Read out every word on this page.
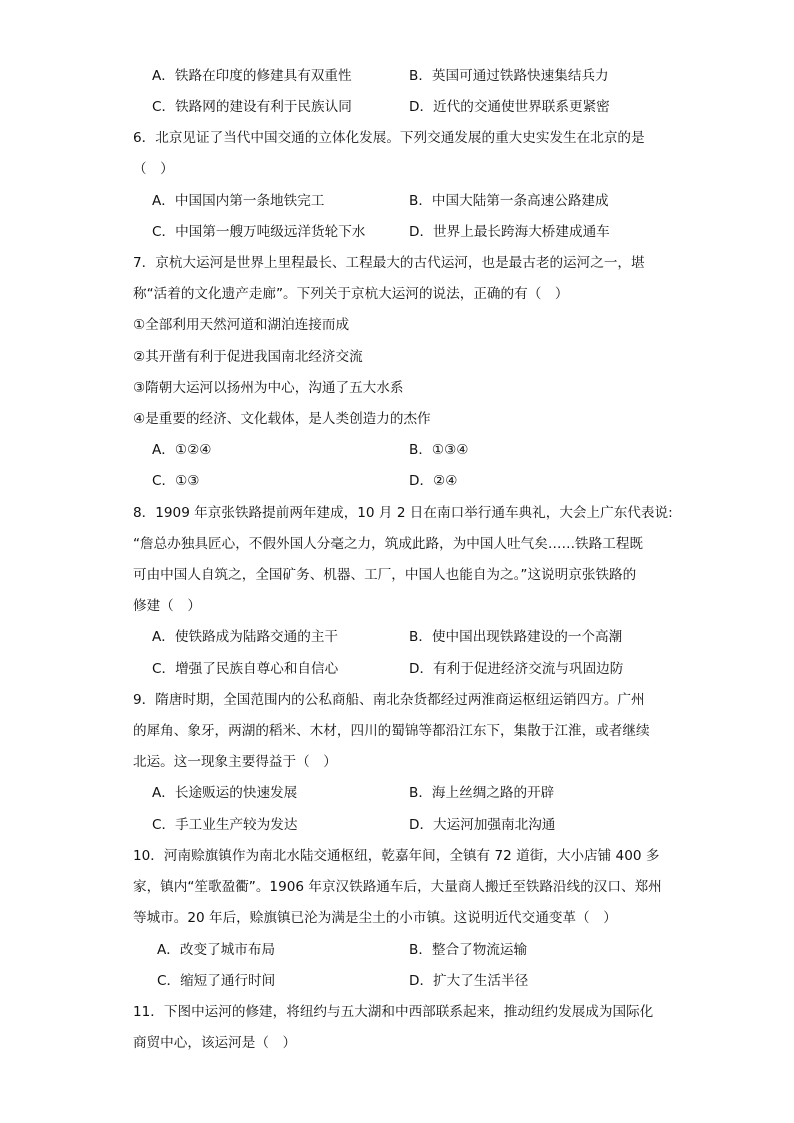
A．铁路在印度的修建具有双重性	B．英国可通过铁路快速集结兵力
C．铁路网的建设有利于民族认同	D．近代的交通使世界联系更紧密
6．北京见证了当代中国交通的立体化发展。下列交通发展的重大史实发生在北京的是
（　）
A．中国国内第一条地铁完工	B．中国大陆第一条高速公路建成
C．中国第一艘万吨级远洋货轮下水	D．世界上最长跨海大桥建成通车
7．京杭大运河是世界上里程最长、工程最大的古代运河，也是最古老的运河之一，堪
称“活着的文化遗产走廊”。下列关于京杭大运河的说法，正确的有（　）
①全部利用天然河道和湖泊连接而成
②其开凿有利于促进我国南北经济交流
③隋朝大运河以扬州为中心，沟通了五大水系
④是重要的经济、文化载体，是人类创造力的杰作
A．①②④	B．①③④
C．①③	D．②④
8．1909 年京张铁路提前两年建成，10 月 2 日在南口举行通车典礼，大会上广东代表说:
“詹总办独具匠心，不假外国人分毫之力，筑成此路，为中国人吐气矣……铁路工程既
可由中国人自筑之，全国矿务、机器、工厂，中国人也能自为之。”这说明京张铁路的
修建（　）
A．使铁路成为陆路交通的主干	B．使中国出现铁路建设的一个高潮
C．增强了民族自尊心和自信心	D．有利于促进经济交流与巩固边防
9．隋唐时期，全国范围内的公私商船、南北杂货都经过两淮商运枢纽运销四方。广州
的犀角、象牙，两湖的稻米、木材，四川的蜀锦等都沿江东下，集散于江淮，或者继续
北运。这一现象主要得益于（　）
A．长途贩运的快速发展	B．海上丝绸之路的开辟
C．手工业生产较为发达	D．大运河加强南北沟通
10．河南赊旗镇作为南北水陆交通枢纽，乾嘉年间，全镇有 72 道街，大小店铺 400 多
家，镇内“笙歌盈衢”。1906 年京汉铁路通车后，大量商人搬迁至铁路沿线的汉口、郑州
等城市。20 年后，赊旗镇已沦为满是尘土的小市镇。这说明近代交通变革（　）
A．改变了城市布局	B．整合了物流运输
C．缩短了通行时间	D．扩大了生活半径
11．下图中运河的修建，将纽约与五大湖和中西部联系起来，推动纽约发展成为国际化
商贸中心，该运河是（　）
